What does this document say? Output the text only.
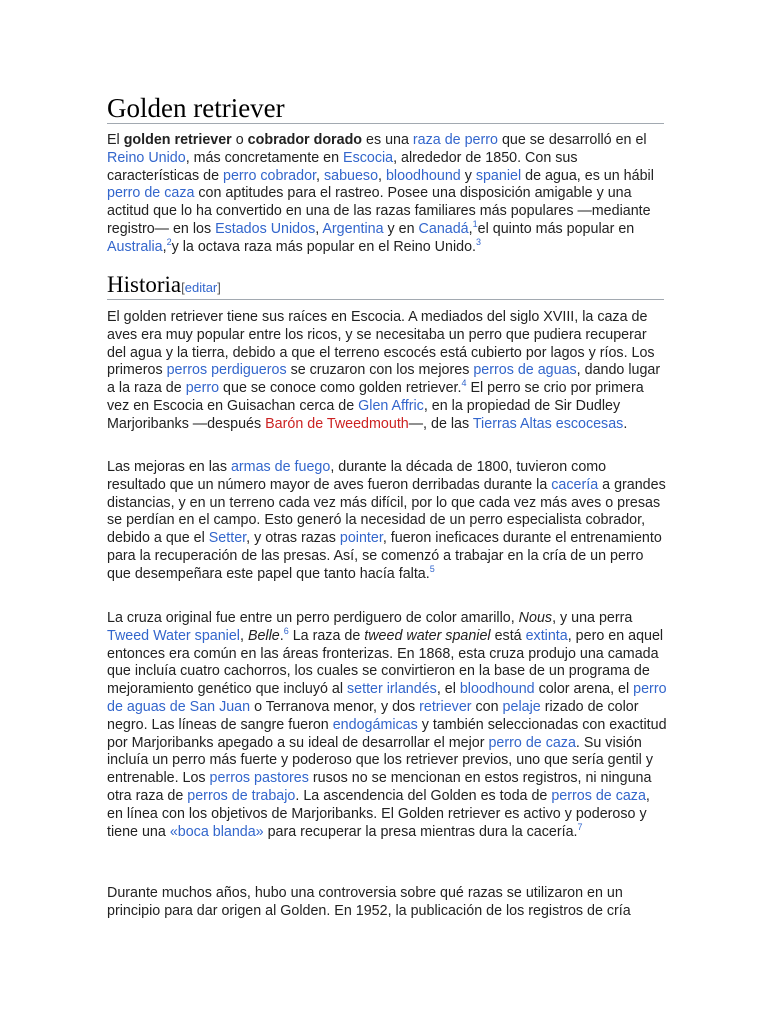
Golden retriever

El golden retriever o cobrador dorado es una raza de perro que se desarrolló en el Reino Unido, más concretamente en Escocia, alrededor de 1850. Con sus características de perro cobrador, sabueso, bloodhound y spaniel de agua, es un hábil perro de caza con aptitudes para el rastreo. Posee una disposición amigable y una actitud que lo ha convertido en una de las razas familiares más populares —mediante registro— en los Estados Unidos, Argentina y en Canadá,$^1$el quinto más popular en Australia,$^2$y la octava raza más popular en el Reino Unido.$^3$

Historia[editar]

El golden retriever tiene sus raíces en Escocia. A mediados del siglo XVIII, la caza de aves era muy popular entre los ricos, y se necesitaba un perro que pudiera recuperar del agua y la tierra, debido a que el terreno escocés está cubierto por lagos y ríos. Los primeros perros perdigueros se cruzaron con los mejores perros de aguas, dando lugar a la raza de perro que se conoce como golden retriever.$^4$ El perro se crio por primera vez en Escocia en Guisachan cerca de Glen Affric, en la propiedad de Sir Dudley Marjoribanks —después Barón de Tweedmouth—, de las Tierras Altas escocesas.

Las mejoras en las armas de fuego, durante la década de 1800, tuvieron como resultado que un número mayor de aves fueron derribadas durante la cacería a grandes distancias, y en un terreno cada vez más difícil, por lo que cada vez más aves o presas se perdían en el campo. Esto generó la necesidad de un perro especialista cobrador, debido a que el Setter, y otras razas pointer, fueron ineficaces durante el entrenamiento para la recuperación de las presas. Así, se comenzó a trabajar en la cría de un perro que desempeñara este papel que tanto hacía falta.$^5$

La cruza original fue entre un perro perdiguero de color amarillo, Nous, y una perra Tweed Water spaniel, Belle.$^6$ La raza de tweed water spaniel está extinta, pero en aquel entonces era común en las áreas fronterizas. En 1868, esta cruza produjo una camada que incluía cuatro cachorros, los cuales se convirtieron en la base de un programa de mejoramiento genético que incluyó al setter irlandés, el bloodhound color arena, el perro de aguas de San Juan o Terranova menor, y dos retriever con pelaje rizado de color negro. Las líneas de sangre fueron endogámicas y también seleccionadas con exactitud por Marjoribanks apegado a su ideal de desarrollar el mejor perro de caza. Su visión incluía un perro más fuerte y poderoso que los retriever previos, uno que sería gentil y entrenable. Los perros pastores rusos no se mencionan en estos registros, ni ninguna otra raza de perros de trabajo. La ascendencia del Golden es toda de perros de caza, en línea con los objetivos de Marjoribanks. El Golden retriever es activo y poderoso y tiene una «boca blanda» para recuperar la presa mientras dura la cacería.$^7$

Durante muchos años, hubo una controversia sobre qué razas se utilizaron en un principio para dar origen al Golden. En 1952, la publicación de los registros de cría
